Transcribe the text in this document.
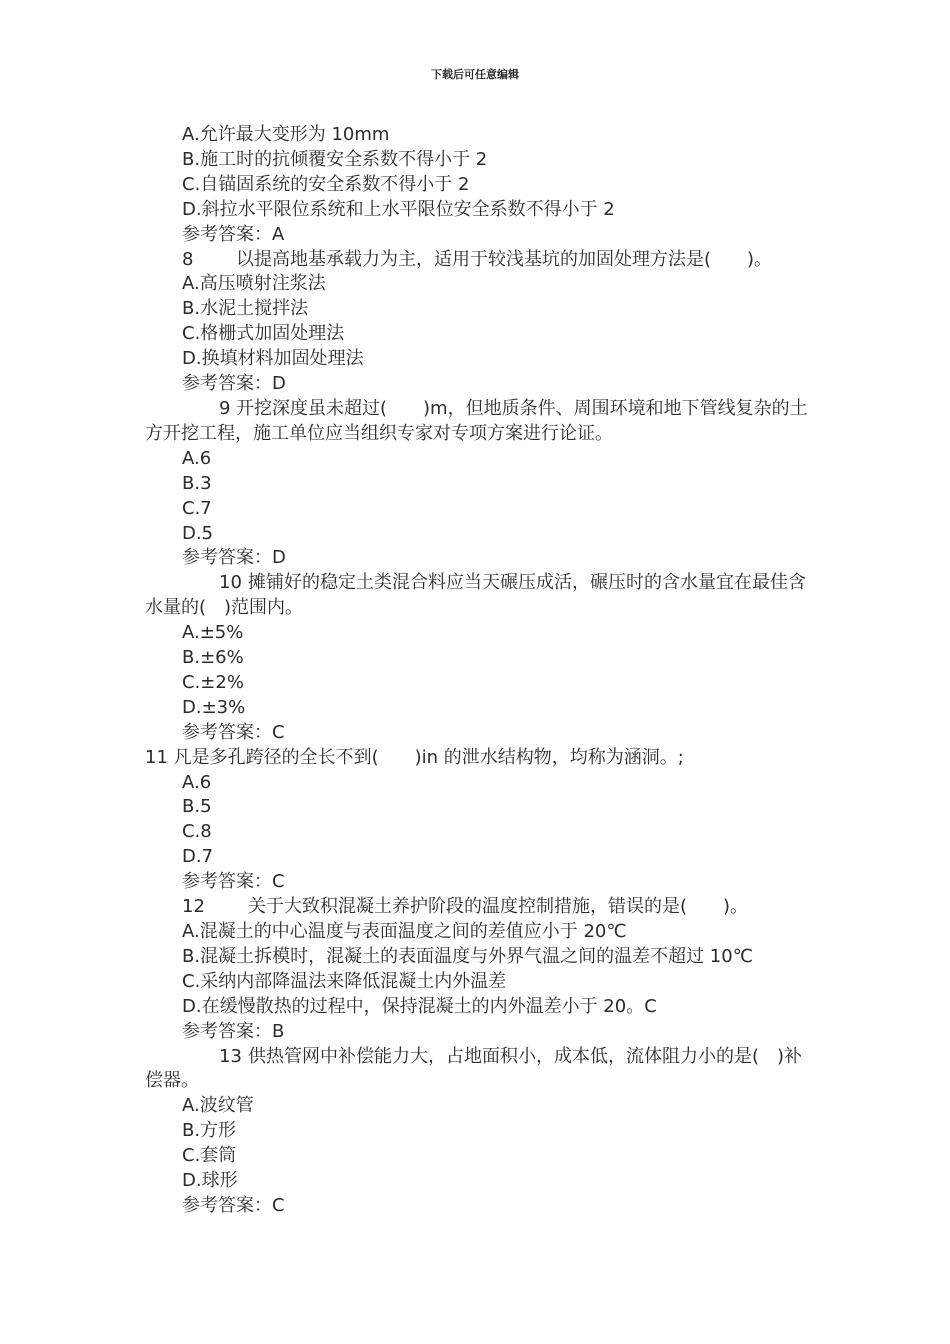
下载后可任意编辑
A.允许最大变形为 10mm
B.施工时的抗倾覆安全系数不得小于 2
C.自锚固系统的安全系数不得小于 2
D.斜拉水平限位系统和上水平限位安全系数不得小于 2
参考答案：A
8 以提高地基承载力为主，适用于较浅基坑的加固处理方法是(　　)。
A.高压喷射注浆法
B.水泥土搅拌法
C.格栅式加固处理法
D.换填材料加固处理法
参考答案：D
9 开挖深度虽未超过(　　)m，但地质条件、周围环境和地下管线复杂的土方开挖工程，施工单位应当组织专家对专项方案进行论证。
A.6
B.3
C.7
D.5
参考答案：D
10 摊铺好的稳定土类混合料应当天碾压成活，碾压时的含水量宜在最佳含水量的(　)范围内。
A.±5%
B.±6%
C.±2%
D.±3%
参考答案：C
11 凡是多孔跨径的全长不到(　　)in 的泄水结构物，均称为涵洞。;
A.6
B.5
C.8
D.7
参考答案：C
12 关于大致积混凝土养护阶段的温度控制措施，错误的是(　　)。
A.混凝土的中心温度与表面温度之间的差值应小于 20℃
B.混凝土拆模时，混凝土的表面温度与外界气温之间的温差不超过 10℃
C.采纳内部降温法来降低混凝土内外温差
D.在缓慢散热的过程中，保持混凝土的内外温差小于 20。C
参考答案：B
13 供热管网中补偿能力大，占地面积小，成本低，流体阻力小的是(　)补偿器。
A.波纹管
B.方形
C.套筒
D.球形
参考答案：C
